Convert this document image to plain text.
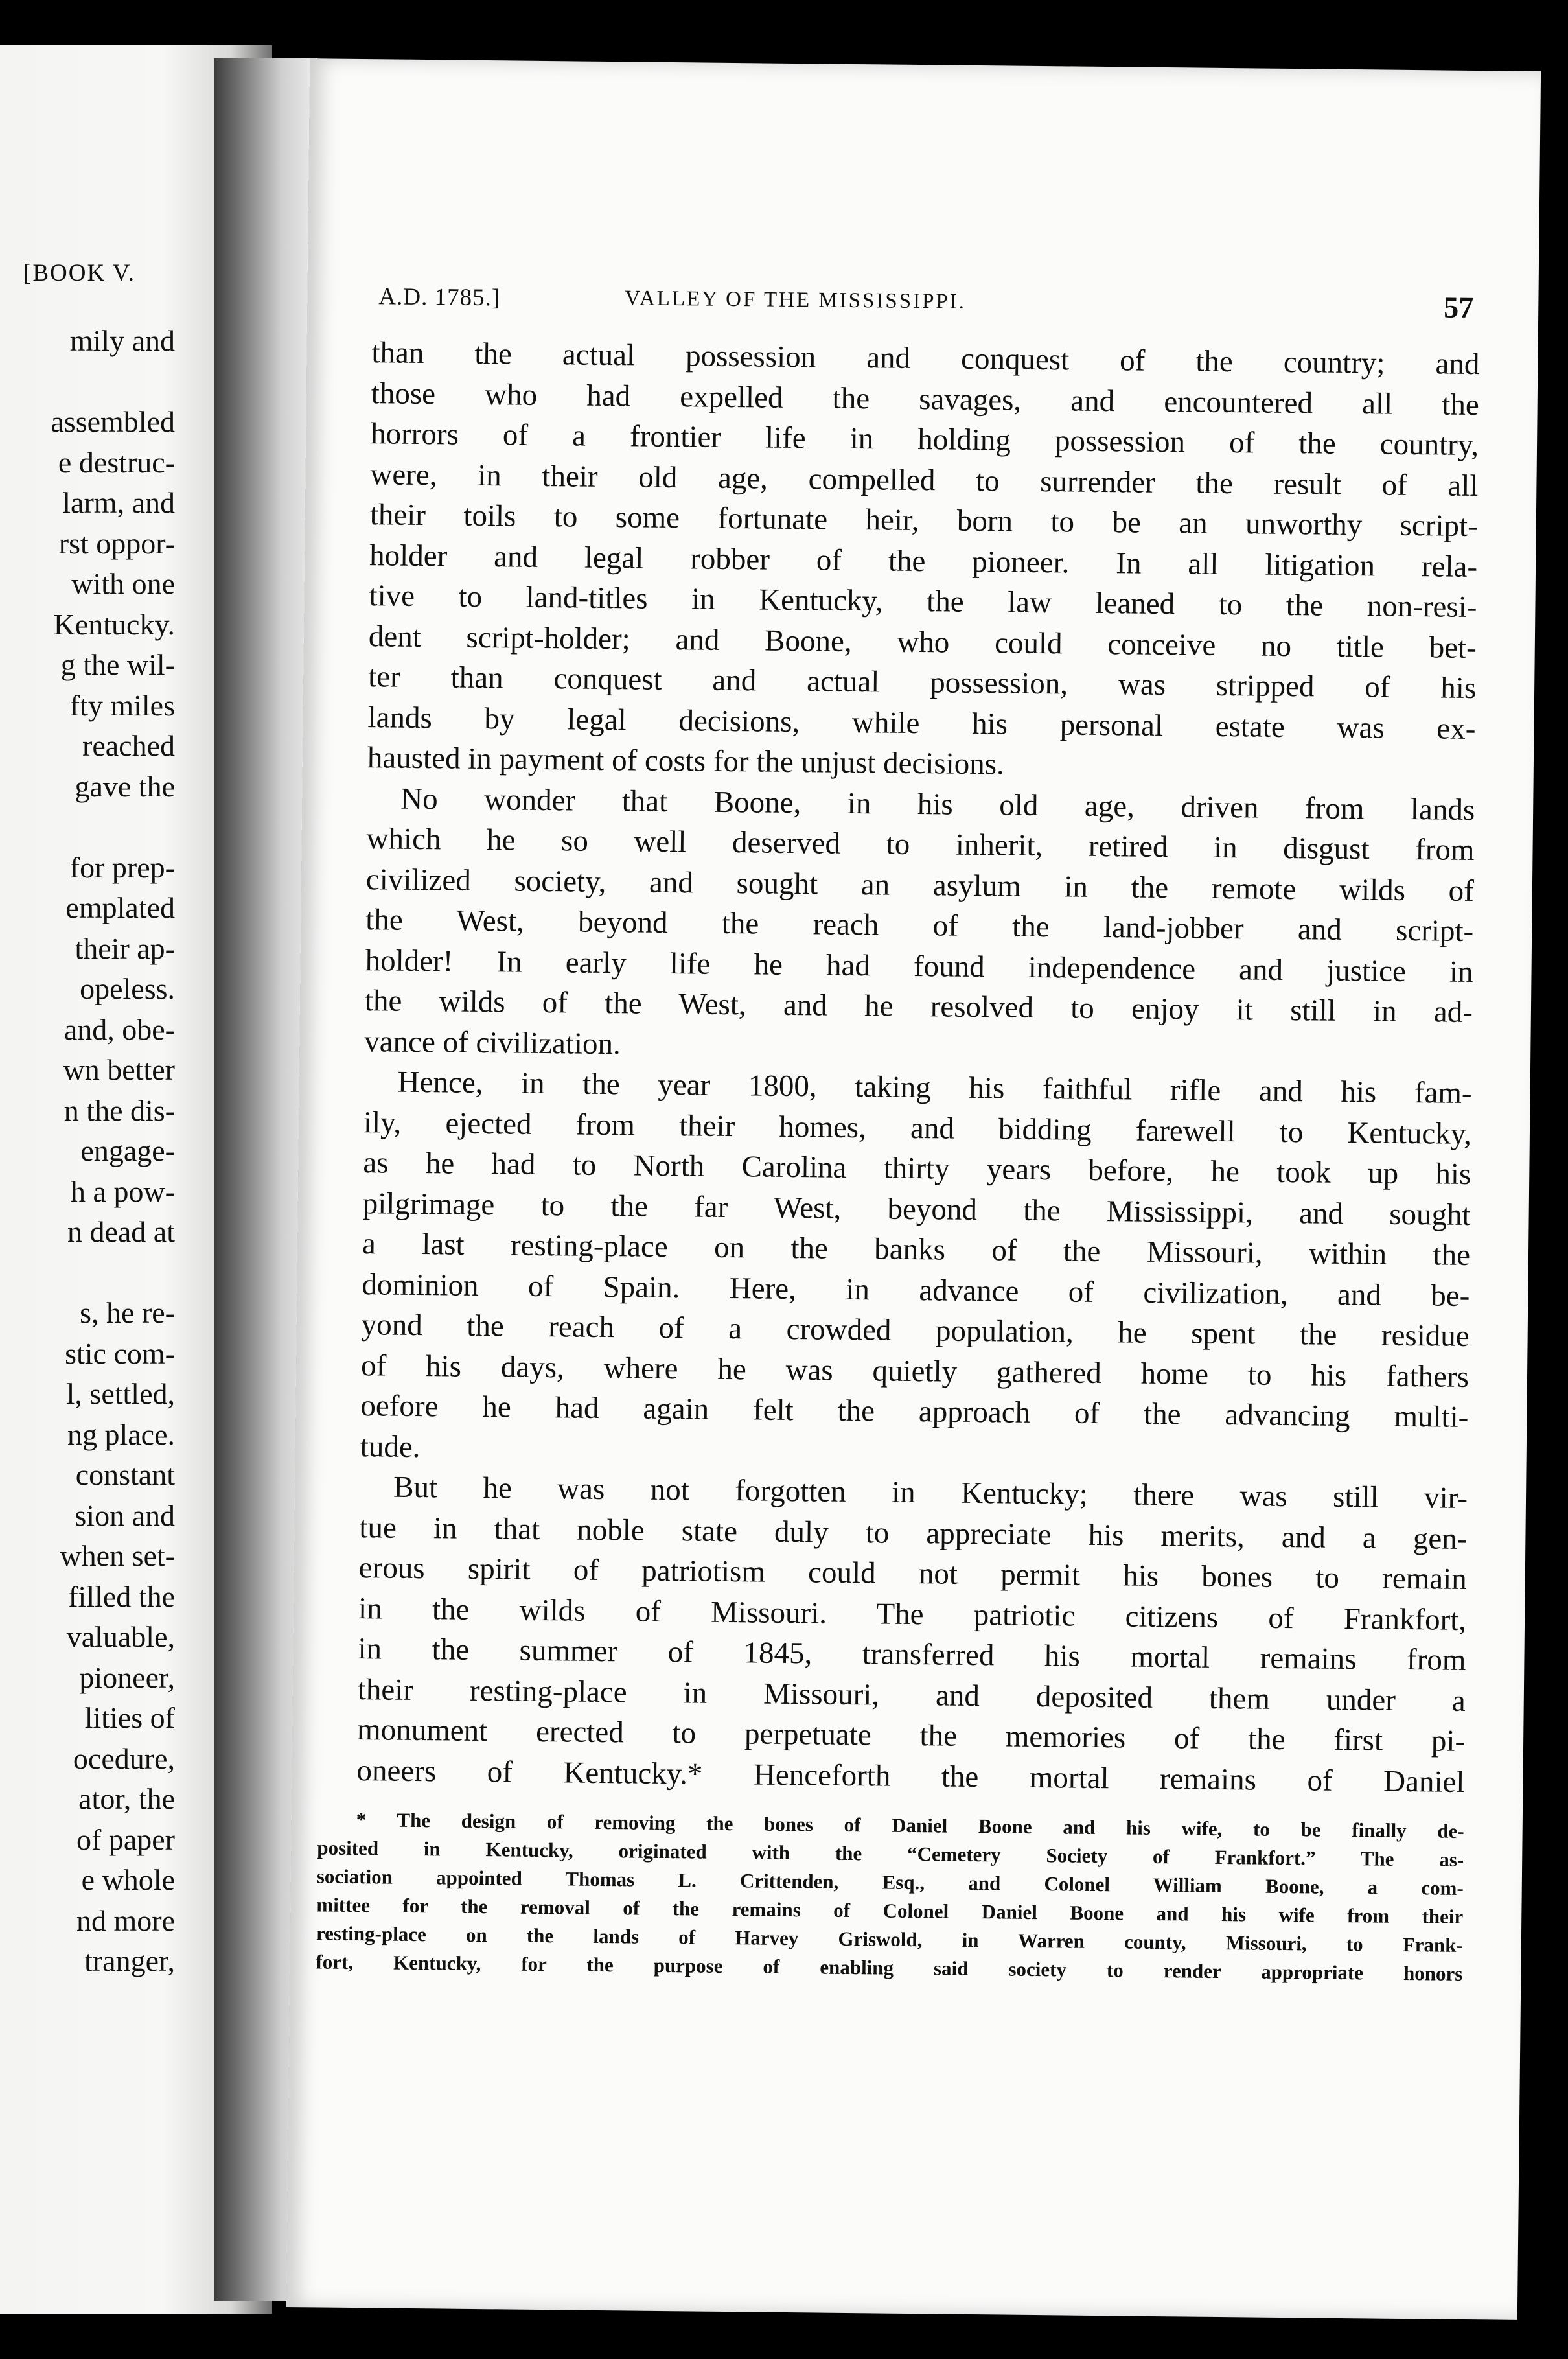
[BOOK V.
mily and
assembled
e destruc-
larm, and
rst oppor-
with one
Kentucky.
g the wil-
fty miles
reached
gave the
for prep-
emplated
their ap-
opeless.
and, obe-
wn better
n the dis-
engage-
h a pow-
n dead at
s, he re-
stic com-
l, settled,
ng place.
constant
sion and
when set-
filled the
valuable,
pioneer,
lities of
ocedure,
ator, the
of paper
e whole
nd more
tranger,
A.D. 1785.]	VALLEY OF THE MISSISSIPPI.	57
than the actual possession and conquest of the country; and
those who had expelled the savages, and encountered all the
horrors of a frontier life in holding possession of the country,
were, in their old age, compelled to surrender the result of all
their toils to some fortunate heir, born to be an unworthy script-
holder and legal robber of the pioneer. In all litigation rela-
tive to land-titles in Kentucky, the law leaned to the non-resi-
dent script-holder; and Boone, who could conceive no title bet-
ter than conquest and actual possession, was stripped of his
lands by legal decisions, while his personal estate was ex-
hausted in payment of costs for the unjust decisions.
No wonder that Boone, in his old age, driven from lands
which he so well deserved to inherit, retired in disgust from
civilized society, and sought an asylum in the remote wilds of
the West, beyond the reach of the land-jobber and script-
holder! In early life he had found independence and justice in
the wilds of the West, and he resolved to enjoy it still in ad-
vance of civilization.
Hence, in the year 1800, taking his faithful rifle and his fam-
ily, ejected from their homes, and bidding farewell to Kentucky,
as he had to North Carolina thirty years before, he took up his
pilgrimage to the far West, beyond the Mississippi, and sought
a last resting-place on the banks of the Missouri, within the
dominion of Spain. Here, in advance of civilization, and be-
yond the reach of a crowded population, he spent the residue
of his days, where he was quietly gathered home to his fathers
oefore he had again felt the approach of the advancing multi-
tude.
But he was not forgotten in Kentucky; there was still vir-
tue in that noble state duly to appreciate his merits, and a gen-
erous spirit of patriotism could not permit his bones to remain
in the wilds of Missouri. The patriotic citizens of Frankfort,
in the summer of 1845, transferred his mortal remains from
their resting-place in Missouri, and deposited them under a
monument erected to perpetuate the memories of the first pi-
oneers of Kentucky.* Henceforth the mortal remains of Daniel
* The design of removing the bones of Daniel Boone and his wife, to be finally de-
posited in Kentucky, originated with the “Cemetery Society of Frankfort.” The as-
sociation appointed Thomas L. Crittenden, Esq., and Colonel William Boone, a com-
mittee for the removal of the remains of Colonel Daniel Boone and his wife from their
resting-place on the lands of Harvey Griswold, in Warren county, Missouri, to Frank-
fort, Kentucky, for the purpose of enabling said society to render appropriate honors
